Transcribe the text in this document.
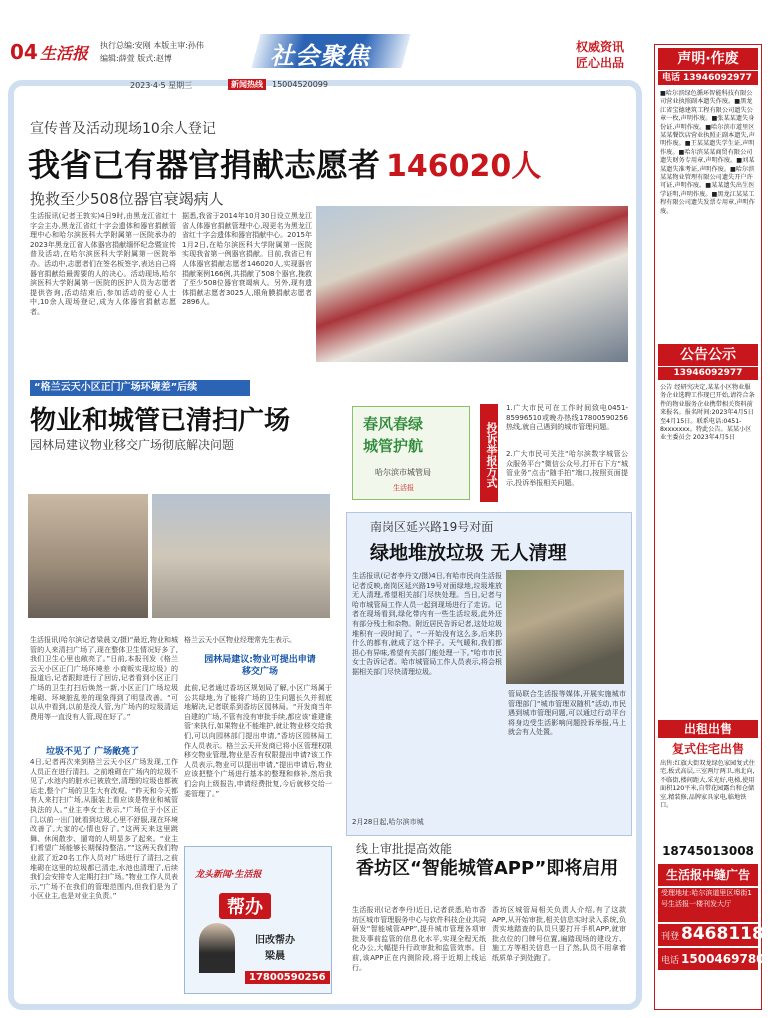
04 生活报 执行总编:安刚 本版主审:孙伟
编辑:薛萱 版式:赵博	社会聚焦	权威资讯
匠心出品
2023·4·5 星期三	新闻热线	15004520099
宣传普及活动现场10余人登记
我省已有器官捐献志愿者 146020人
挽救至少508位器官衰竭病人
生活报讯(记者王敦实)4日9时,由黑龙江省红十字会主办,黑龙江省红十字会遗体和器官捐献管理中心和哈尔滨医科大学附属第一医院承办的2023年黑龙江省人体器官捐献缅怀纪念暨宣传普及活动,在哈尔滨医科大学附属第一医院举办。活动中,志愿者们在签名板签字,表达自己将器官捐献给最需要的人的决心。活动现场,哈尔滨医科大学附属第一医院的医护人员为志愿者提供咨询,活动结束后,参加活动的爱心人士中,10余人现场登记,成为人体器官捐献志愿者。
据悉,我省于2014年10月30日设立黑龙江省人体器官捐献管理中心,现更名为黑龙江省红十字会遗体和器官捐献中心。2015年1月2日,在哈尔滨医科大学附属第一医院实现我省第一例器官捐献。目前,我省已有人体器官捐献志愿者146020人,实现器官捐献案例166例,共捐献了508个器官,挽救了至少508位器官衰竭病人。另外,现有遗体捐献志愿者3025人,眼角膜捐献志愿者2896人。
“格兰云天小区正门广场环境差”后续
物业和城管已清扫广场
园林局建议物业移交广场彻底解决问题
生活报讯(哈尔滨记者梁晨文/摄)“最近,物业和城管的人来清扫广场了,现在整体卫生情况好多了,我们卫生心里也敞亮了。”日前,本报刊发《格兰云天小区正门广场环境差 小商贩实现垃圾》的报道后,记者跟踪进行了回访,记者看到小区正门广场的卫生打扫后焕然一新,小区正门广场垃圾堆砌、环境脏乱差的现象得到了明显改善。“可以从中看到,以前是没人管,为广场内的垃圾清运费用等一直没有人管,现在好了。”
垃圾不见了 广场敞亮了
4日,记者再次来到格兰云天小区广场发现,工作人员正在进行清扫。之前堆砌在广场内的垃圾不见了,水池内的脏水已被放空,清理的垃圾也都被运走,整个广场的卫生大有改观。“昨天和今天都有人来打扫广场,从服装上看应该是物业和城管执法的人。”业主李女士表示,“广场位于小区正门,以前一出门就看到垃圾,心里不舒服,现在环境改善了,大家的心情也好了。”这两天来这里跳舞、休闲散步、遛弯的人明显多了起来。“业主们希望广场能够长期保持整洁。”“这两天我们物业派了近20名工作人员对广场进行了清扫,之前堆砌在这里的垃圾都已清走,水池也清理了,后续我们会安排专人定期打扫广场。”物业工作人员表示,“广场不在我们的管理范围内,但我们是为了小区业主,也是对业主负责。”
格兰云天小区物业经理常先生表示。
园林局建议:物业可提出申请移交广场
此前,记者通过香坊区规划局了解,小区广场属于公共绿地,为了能将广场的卫生问题长久并彻底地解决,记者联系到香坊区园林局。“开发商当年自建的广场,不管有没有审批手续,都应该‘谁建谁管’来执行,如果物业不能维护,就让物业移交给我们,可以向园林部门提出申请,”香坊区园林局工作人员表示。格兰云天开发商已将小区管理权限移交物业管理,物业是否有权限提出申请?该工作人员表示,物业可以提出申请,“提出申请后,物业应该把整个广场进行基本的整理和修补,然后我们会向上级报告,申请经费批复,今后就移交给一委管理了。”
龙头新闻·生活报
帮办
旧改帮办
梁晨
17800590256
春风春绿
城管护航
哈尔滨市城管局
生活报	投诉举报方式
1.广大市民可在工作时间致电0451-85996510或晚办热线17800590256热线,就自己遇到的城市管理问题。
2.广大市民可关注“哈尔滨数字城管公众服务平台”微信公众号,打开右下方“城管业务”点击“随手拍”端口,按照页面提示,投诉举报相关问题。
南岗区延兴路19号对面
绿地堆放垃圾 无人清理
生活报讯(记者李丹文/摄)4日,有哈市民向生活报记者反映,南岗区延兴路19号对面绿地,垃圾堆放无人清理,希望相关部门尽快处理。当日,记者与哈市城管局工作人员一起到现场进行了走访。记者在现场看到,绿化带内有一些生活垃圾,此外还有部分残土和杂物。附近居民告诉记者,这处垃圾堆积有一段时间了。“一开始没有这么多,后来扔什么的都有,就成了这个样子。天气暖和,我们都担心有异味,希望有关部门能处理一下。”哈市市民女士告诉记者。哈市城管局工作人员表示,将会根据相关部门尽快清理垃圾。
管局联合生活报等媒体,开展实施城市管理部门“城市管理双随机”活动,市民遇到城市管理问题,可以通过行动平台将身边受生活影响问题投诉举报,马上就会有人处置。
2月28日起,哈尔滨市城
线上审批提高效能
香坊区“智能城管APP”即将启用
生活报讯(记者李丹)近日,记者获悉,哈市香坊区城市管理服务中心与软件科技企业共同研发“智能城管APP”,提升城市管理各项审批及事前监管的信息化水平,实现全程无纸化办公,大幅提升行政审批和监管效率。目前,该APP正在内测阶段,将于近期上线运行。
香坊区城管局相关负责人介绍,有了这款APP,从开始审批,相关信息实时录入系统,负责实地踏查的队员只要打开手机APP,就审批点位的门牌号位置,遍踏现场的建设方、施工方等相关信息一目了然,队员不用拿着纸质单子到处跑了。
声明·作废
电话 13946092977
■哈尔滨绿色循环智能科技有限公司营业执照副本遗失作废。■黑龙江省宝德建筑工程有限公司遗失公章一枚,声明作废。■张某某遗失身份证,声明作废。■哈尔滨市道里区某某餐饮店营业执照正副本遗失,声明作废。■王某某遗失学生证,声明作废。■哈尔滨某某商贸有限公司遗失财务专用章,声明作废。■刘某某遗失准考证,声明作废。■哈尔滨某某物业管理有限公司遗失开户许可证,声明作废。■某某遗失出生医学证明,声明作废。■黑龙江某某工程有限公司遗失发票专用章,声明作废。
公告公示
13946092977
公告 经研究决定,某某小区物业服务企业选聘工作现已开始,请符合条件的物业服务企业携带相关资料前来报名。报名时间:2023年4月5日至4月15日。联系电话:0451-8xxxxxxx。特此公告。某某小区业主委员会 2023年4月5日
出租出售
复式住宅出售
出售:红旗大街双龙绿色家园复式住宅,板式高层,三室两厅两卫,南北向,不临街,楼间距大,采光好,电梯,使用面积120平米,自带花园露台和仓储室,精装修,品牌家具家电,临地铁口。
18745013008
生活报中缝广告
受理地址:哈尔滨道里区埠街1号生活报一楼刊发大厅
刊登 84681180
电话 15004697804
